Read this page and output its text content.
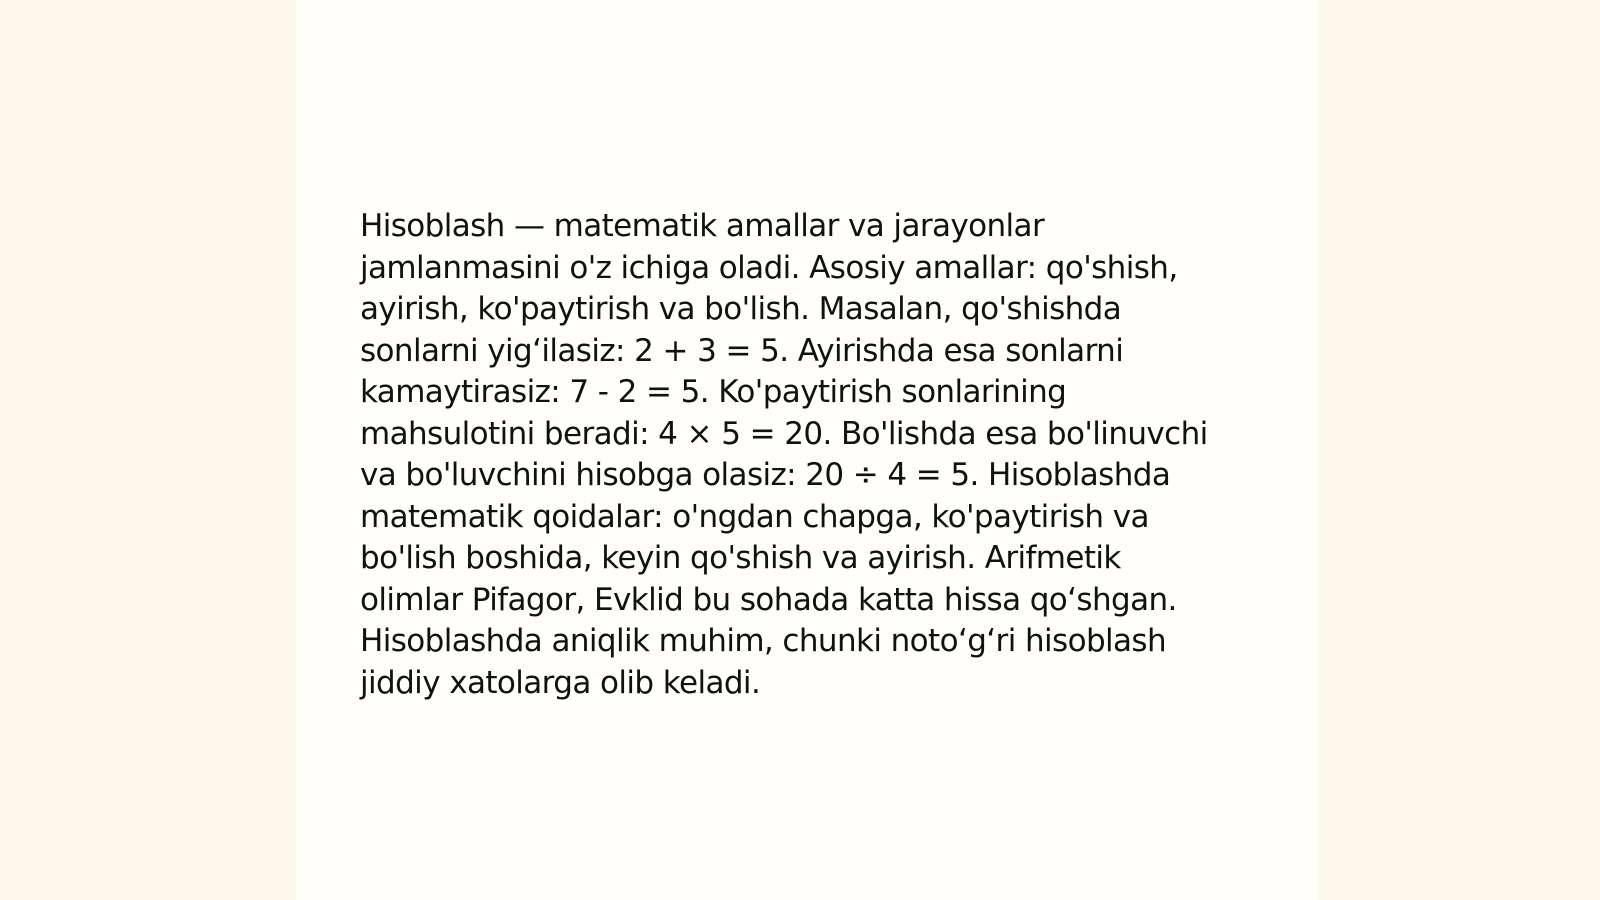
Hisoblash — matematik amallar va jarayonlar jamlanmasini o'z ichiga oladi. Asosiy amallar: qo'shish, ayirish, ko'paytirish va bo'lish. Masalan, qo'shishda sonlarni yig‘ilasiz: 2 + 3 = 5. Ayirishda esa sonlarni kamaytirasiz: 7 - 2 = 5. Ko'paytirish sonlarining mahsulotini beradi: 4 × 5 = 20. Bo'lishda esa bo'linuvchi va bo'luvchini hisobga olasiz: 20 ÷ 4 = 5. Hisoblashda matematik qoidalar: o'ngdan chapga, ko'paytirish va bo'lish boshida, keyin qo'shish va ayirish. Arifmetik olimlar Pifagor, Evklid bu sohada katta hissa qo‘shgan. Hisoblashda aniqlik muhim, chunki noto‘g‘ri hisoblash jiddiy xatolarga olib keladi.
